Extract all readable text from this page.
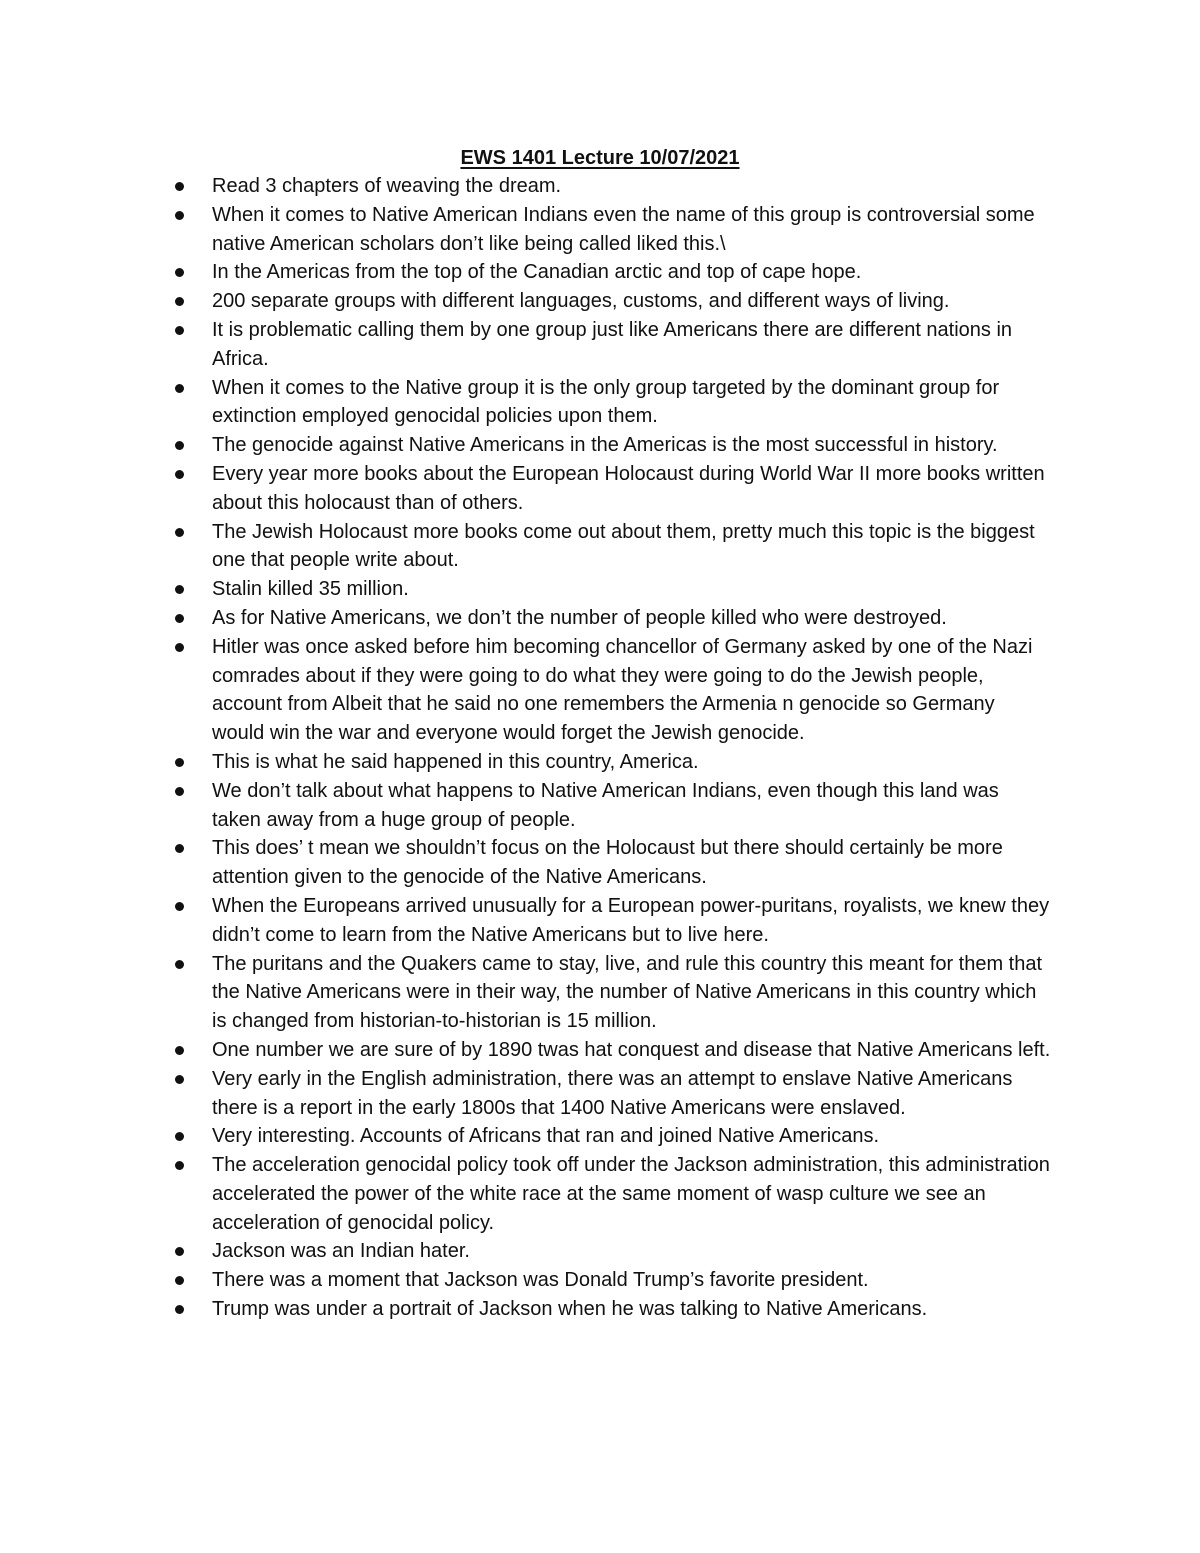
EWS 1401 Lecture 10/07/2021
Read 3 chapters of weaving the dream.
When it comes to Native American Indians even the name of this group is controversial some native American scholars don’t like being called liked this.\
In the Americas from the top of the Canadian arctic and top of cape hope.
200 separate groups with different languages, customs, and different ways of living.
It is problematic calling them by one group just like Americans there are different nations in Africa.
When it comes to the Native group it is the only group targeted by the dominant group for extinction employed genocidal policies upon them.
The genocide against Native Americans in the Americas is the most successful in history.
Every year more books about the European Holocaust during World War II more books written about this holocaust than of others.
The Jewish Holocaust more books come out about them, pretty much this topic is the biggest one that people write about.
Stalin killed 35 million.
As for Native Americans, we don’t the number of people killed who were destroyed.
Hitler was once asked before him becoming chancellor of Germany asked by one of the Nazi comrades about if they were going to do what they were going to do the Jewish people, account from Albeit that he said no one remembers the Armenia n genocide so Germany would win the war and everyone would forget the Jewish genocide.
This is what he said happened in this country, America.
We don’t talk about what happens to Native American Indians, even though this land was taken away from a huge group of people.
This does’ t mean we shouldn’t focus on the Holocaust but there should certainly be more attention given to the genocide of the Native Americans.
When the Europeans arrived unusually for a European power-puritans, royalists, we knew they didn’t come to learn from the Native Americans but to live here.
The puritans and the Quakers came to stay, live, and rule this country this meant for them that the Native Americans were in their way, the number of Native Americans in this country which is changed from historian-to-historian is 15 million.
One number we are sure of by 1890 twas hat conquest and disease that Native Americans left.
Very early in the English administration, there was an attempt to enslave Native Americans there is a report in the early 1800s that 1400 Native Americans were enslaved.
Very interesting. Accounts of Africans that ran and joined Native Americans.
The acceleration genocidal policy took off under the Jackson administration, this administration accelerated the power of the white race at the same moment of wasp culture we see an acceleration of genocidal policy.
Jackson was an Indian hater.
There was a moment that Jackson was Donald Trump’s favorite president.
Trump was under a portrait of Jackson when he was talking to Native Americans.
